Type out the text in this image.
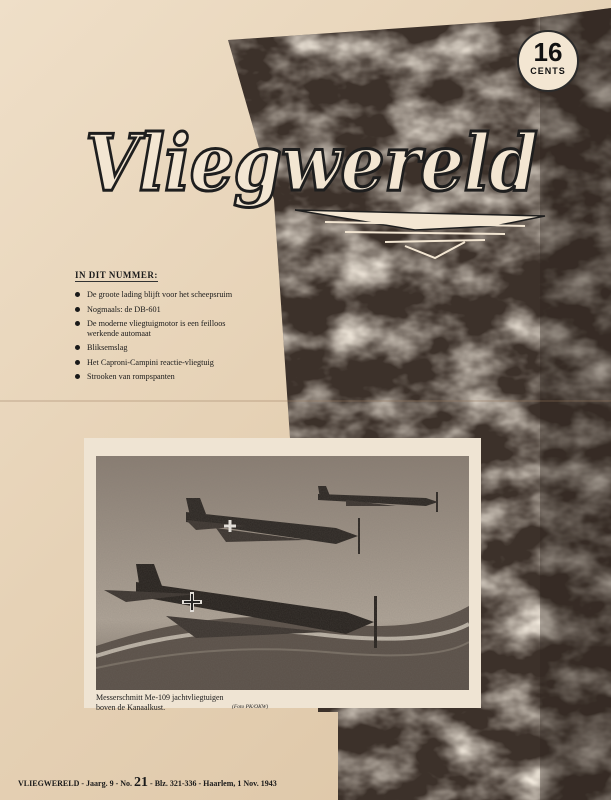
16
CENTS
Vliegwereld
IN DIT NUMMER:
De groote lading blijft voor het scheepsruim
Nogmaals: de DB-601
De moderne vliegtuigmotor is een feilloos werkende automaat
Bliksemslag
Het Caproni-Campini reactie-vliegtuig
Strooken van rompspanten
Messerschmitt Me-109 jachtvliegtuigen
boven de Kanaalkust.	(Foto PK/OKW)
VLIEGWERELD - Jaarg. 9 - No. 21 - Blz. 321-336 - Haarlem, 1 Nov. 1943
